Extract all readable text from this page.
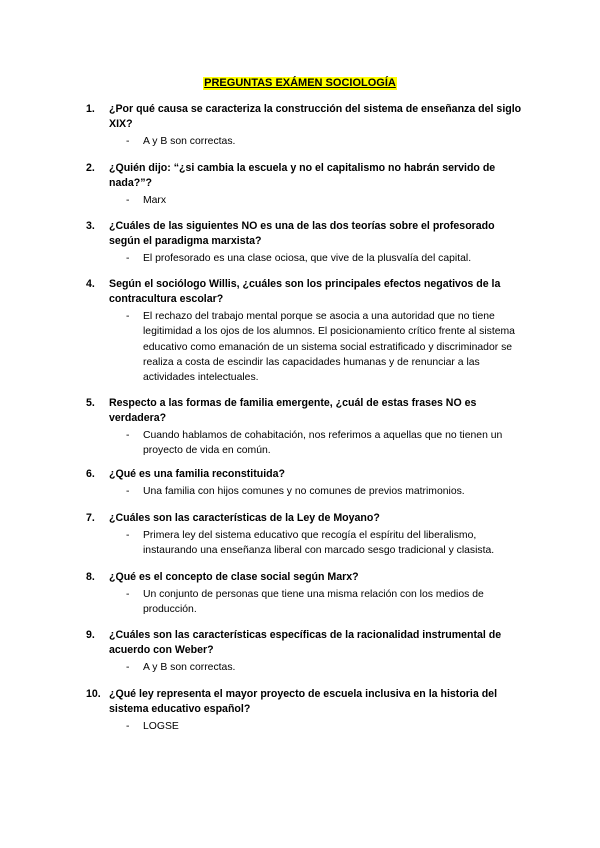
PREGUNTAS EXÁMEN SOCIOLOGÍA
1.	¿Por qué causa se caracteriza la construcción del sistema de enseñanza del siglo XIX?
- A y B son correctas.
2.	¿Quién dijo: “¿si cambia la escuela y no el capitalismo no habrán servido de nada?”?
- Marx
3.	¿Cuáles de las siguientes NO es una de las dos teorías sobre el profesorado según el paradigma marxista?
- El profesorado es una clase ociosa, que vive de la plusvalía del capital.
4.	Según el sociólogo Willis, ¿cuáles son los principales efectos negativos de la contracultura escolar?
- El rechazo del trabajo mental porque se asocia a una autoridad que no tiene legitimidad a los ojos de los alumnos. El posicionamiento crítico frente al sistema educativo como emanación de un sistema social estratificado y discriminador se realiza a costa de escindir las capacidades humanas y de renunciar a las actividades intelectuales.
5.	Respecto a las formas de familia emergente, ¿cuál de estas frases NO es verdadera?
- Cuando hablamos de cohabitación, nos referimos a aquellas que no tienen un proyecto de vida en común.
6.	¿Qué es una familia reconstituida?
- Una familia con hijos comunes y no comunes de previos matrimonios.
7.	¿Cuáles son las características de la Ley de Moyano?
- Primera ley del sistema educativo que recogía el espíritu del liberalismo, instaurando una enseñanza liberal con marcado sesgo tradicional y clasista.
8.	¿Qué es el concepto de clase social según Marx?
- Un conjunto de personas que tiene una misma relación con los medios de producción.
9.	¿Cuáles son las características específicas de la racionalidad instrumental de acuerdo con Weber?
- A y B son correctas.
10. ¿Qué ley representa el mayor proyecto de escuela inclusiva en la historia del sistema educativo español?
- LOGSE
